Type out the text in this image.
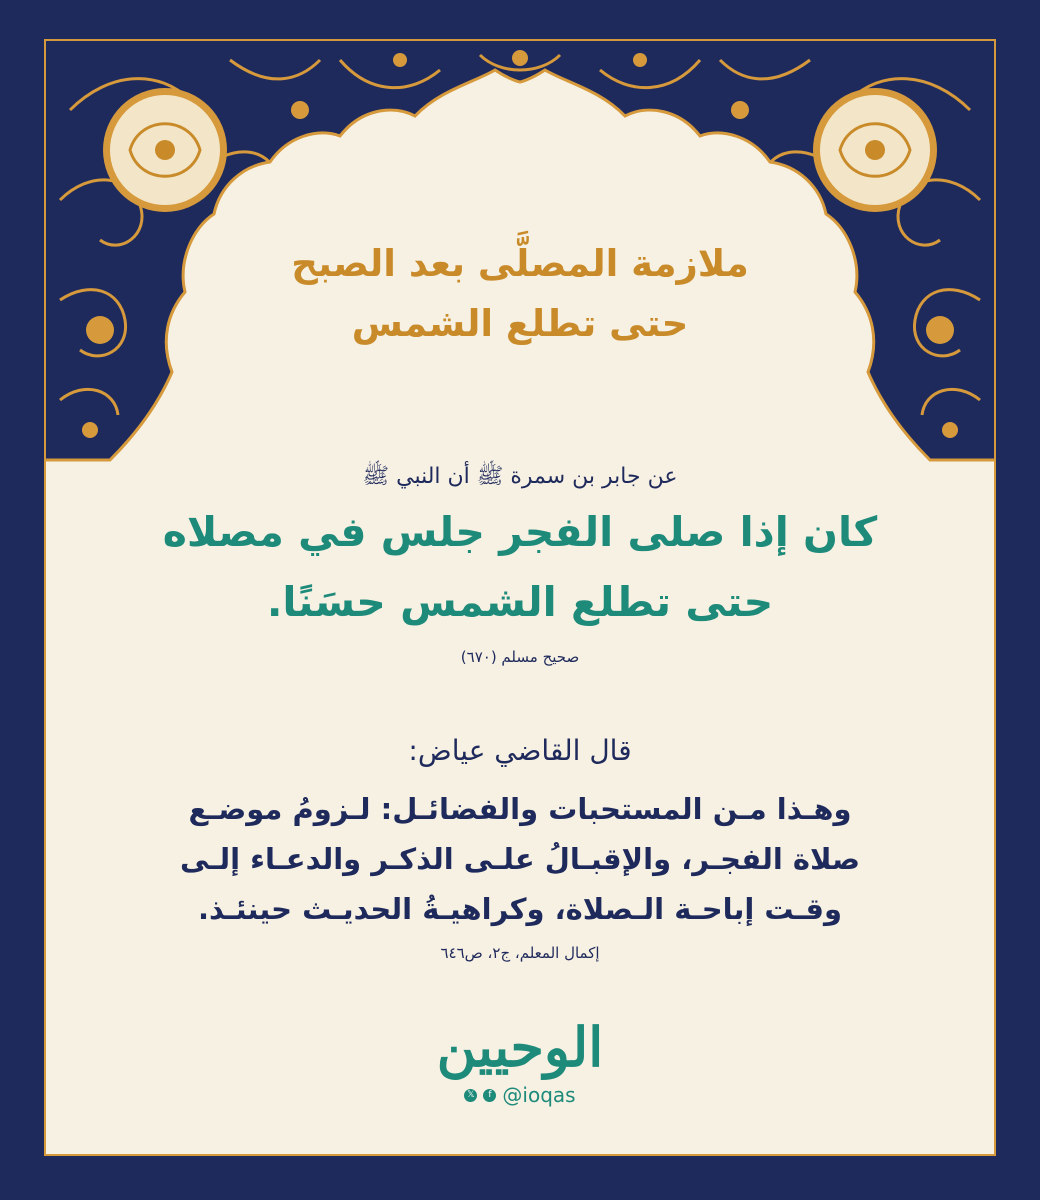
ملازمة المصلَّى بعد الصبح
حتى تطلع الشمس
عن جابر بن سمرة ﷺ أن النبي ﷺ
كان إذا صلى الفجر جلس في مصلاه
حتى تطلع الشمس حسَنًا.
صحيح مسلم (٦٧٠)
قال القاضي عياض:
وهـذا مـن المستحبات والفضائـل: لـزومُ موضـع
صلاة الفجـر، والإقبـالُ علـى الذكـر والدعـاء إلـى
وقـت إباحـة الـصلاة، وكراهيـةُ الحديـث حينئـذ.
إكمال المعلم، ج٢، ص٦٤٦
الوحيين
𝕏	f @ioqas
